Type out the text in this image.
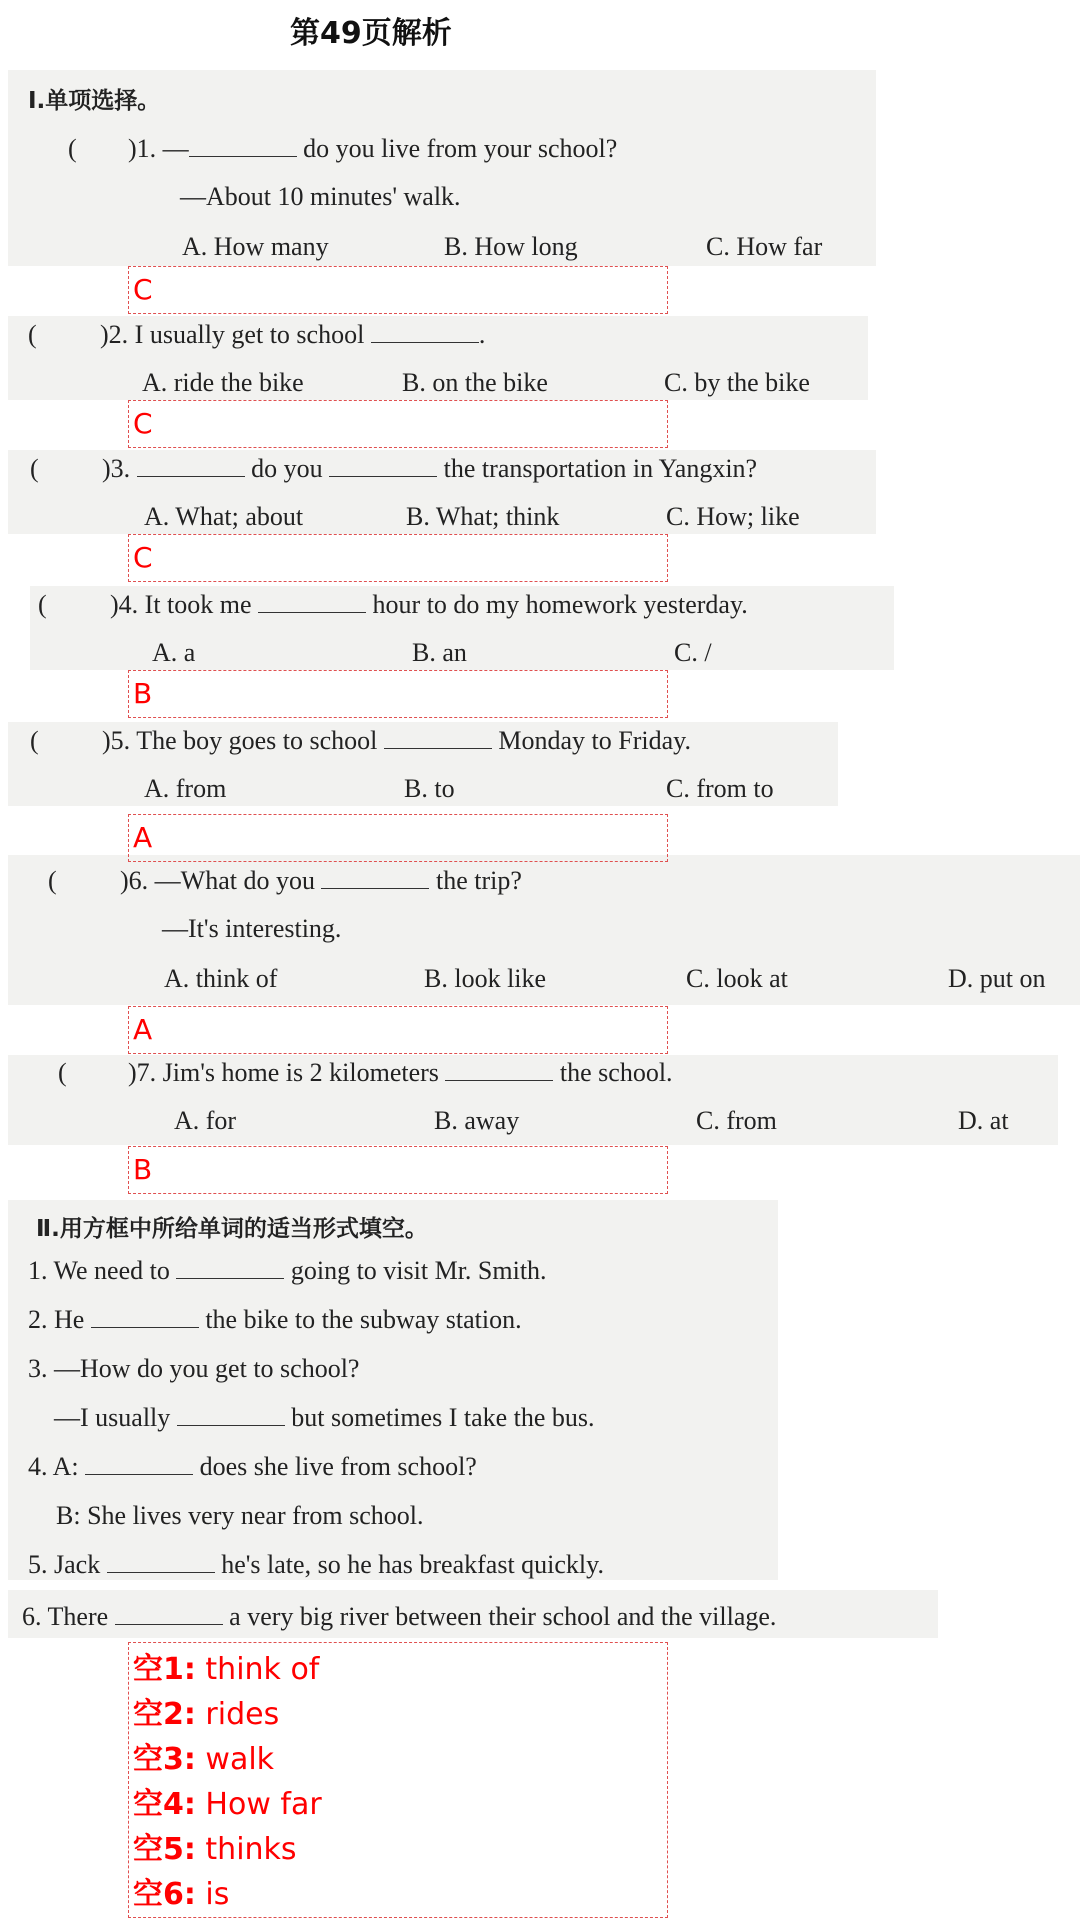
第49页解析
Ⅰ.单项选择。
( )1. —	do you live from your school?
—About 10 minutes' walk.
A. How many	B. How long	C. How far
C
( )2. I usually get to school	.
A. ride the bike	B. on the bike	C. by the bike
C
( )3.	do you	the transportation in Yangxin?
A. What; about	B. What; think	C. How; like
C
( )4. It took me	hour to do my homework yesterday.
A. a	B. an	C. /
B
( )5. The boy goes to school	Monday to Friday.
A. from	B. to	C. from to
A
( )6. —What do you	the trip?
—It's interesting.
A. think of	B. look like	C. look at	D. put on
A
( )7. Jim's home is 2 kilometers	the school.
A. for	B. away	C. from	D. at
B
Ⅱ.用方框中所给单词的适当形式填空。
1. We need to	going to visit Mr. Smith.
2. He	the bike to the subway station.
3. —How do you get to school?
—I usually	but sometimes I take the bus.
4. A:	does she live from school?
B: She lives very near from school.
5. Jack	he's late, so he has breakfast quickly.
6. There	a very big river between their school and the village.
空1: think of
空2: rides
空3: walk
空4: How far
空5: thinks
空6: is
